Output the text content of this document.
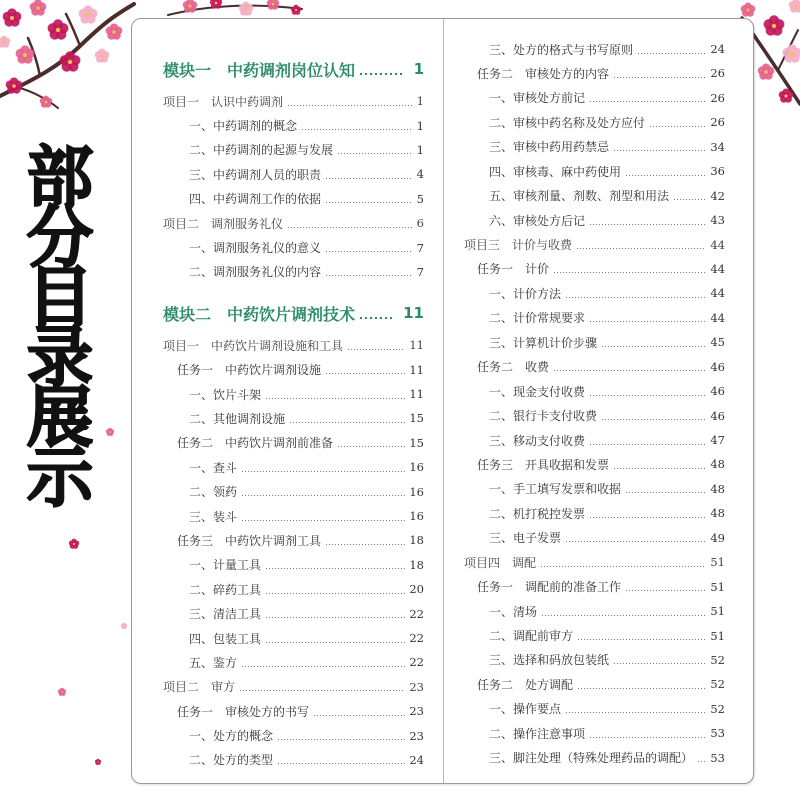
部分目录展示
模块一　中药调剂岗位认知	1
项目一　认识中药调剂	1
一、中药调剂的概念	1
二、中药调剂的起源与发展	1
三、中药调剂人员的职责	4
四、中药调剂工作的依据	5
项目二　调剂服务礼仪	6
一、调剂服务礼仪的意义	7
二、调剂服务礼仪的内容	7
模块二　中药饮片调剂技术	11
项目一　中药饮片调剂设施和工具	11
任务一　中药饮片调剂设施	11
一、饮片斗架	11
二、其他调剂设施	15
任务二　中药饮片调剂前准备	15
一、查斗	16
二、领药	16
三、装斗	16
任务三　中药饮片调剂工具	18
一、计量工具	18
二、碎药工具	20
三、清洁工具	22
四、包装工具	22
五、鉴方	22
项目二　审方	23
任务一　审核处方的书写	23
一、处方的概念	23
二、处方的类型	24
三、处方的格式与书写原则	24
任务二　审核处方的内容	26
一、审核处方前记	26
二、审核中药名称及处方应付	26
三、审核中药用药禁忌	34
四、审核毒、麻中药使用	36
五、审核剂量、剂数、剂型和用法	42
六、审核处方后记	43
项目三　计价与收费	44
任务一　计价	44
一、计价方法	44
二、计价常规要求	44
三、计算机计价步骤	45
任务二　收费	46
一、现金支付收费	46
二、银行卡支付收费	46
三、移动支付收费	47
任务三　开具收据和发票	48
一、手工填写发票和收据	48
二、机打税控发票	48
三、电子发票	49
项目四　调配	51
任务一　调配前的准备工作	51
一、清场	51
二、调配前审方	51
三、选择和码放包装纸	52
任务二　处方调配	52
一、操作要点	52
二、操作注意事项	53
三、脚注处理（特殊处理药品的调配） 53
